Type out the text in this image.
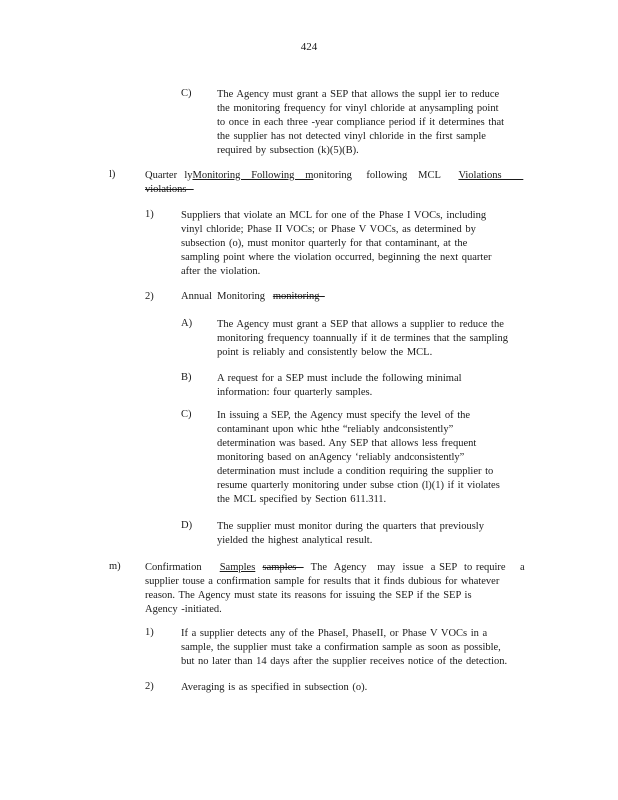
424
C) The Agency must grant a SEP that allows the suppl ier to reduce
the monitoring frequency for vinyl chloride at anysampling point
to once in each three -year compliance period if it determines that
the supplier has not detected vinyl chloride in the first sample
required by subsection (k)(5)(B).
l)	Quarter  lyMonitoring   Following   monitoring    following   MCL     Violations
violations
1)	Suppliers that violate an MCL for one of the Phase I VOCs, including
vinyl chloride; Phase II VOCs; or Phase V VOCs, as determined by
subsection (o), must monitor quarterly for that contaminant, at the
sampling point where the violation occurred, beginning the next quarter
after the violation.
2)	Annual  Monitoring   monitoring
A) The Agency must grant a SEP that allows a supplier to reduce the
monitoring frequency toannually if it de termines that the sampling
point is reliably and consistently below the MCL.
B) A request for a SEP must include the following minimal
information: four quarterly samples.
C) In issuing a SEP, the Agency must specify the level of the
contaminant upon whic hthe “reliably andconsistently”
determination was based. Any SEP that allows less frequent
monitoring based on anAgency ‘reliably andconsistently”
determination must include a condition requiring the supplier to
resume quarterly monitoring under subse ction (l)(1) if it violates
the MCL specified by Section 611.311.
D) The supplier must monitor during the quarters that previously
yielded the highest analytical result.
m) Confirmation     Samples samples    The  Agency   may  issue  a SEP  to require    a
supplier touse a confirmation sample for results that it finds dubious for whatever
reason. The Agency must state its reasons for issuing the SEP if the SEP is
Agency -initiated.
1)	If a supplier detects any of the PhaseI, PhaseII, or Phase V VOCs in a
sample, the supplier must take a confirmation sample as soon as possible,
but no later than 14 days after the supplier receives notice of the detection.
2)	Averaging is as specified in subsection (o).
